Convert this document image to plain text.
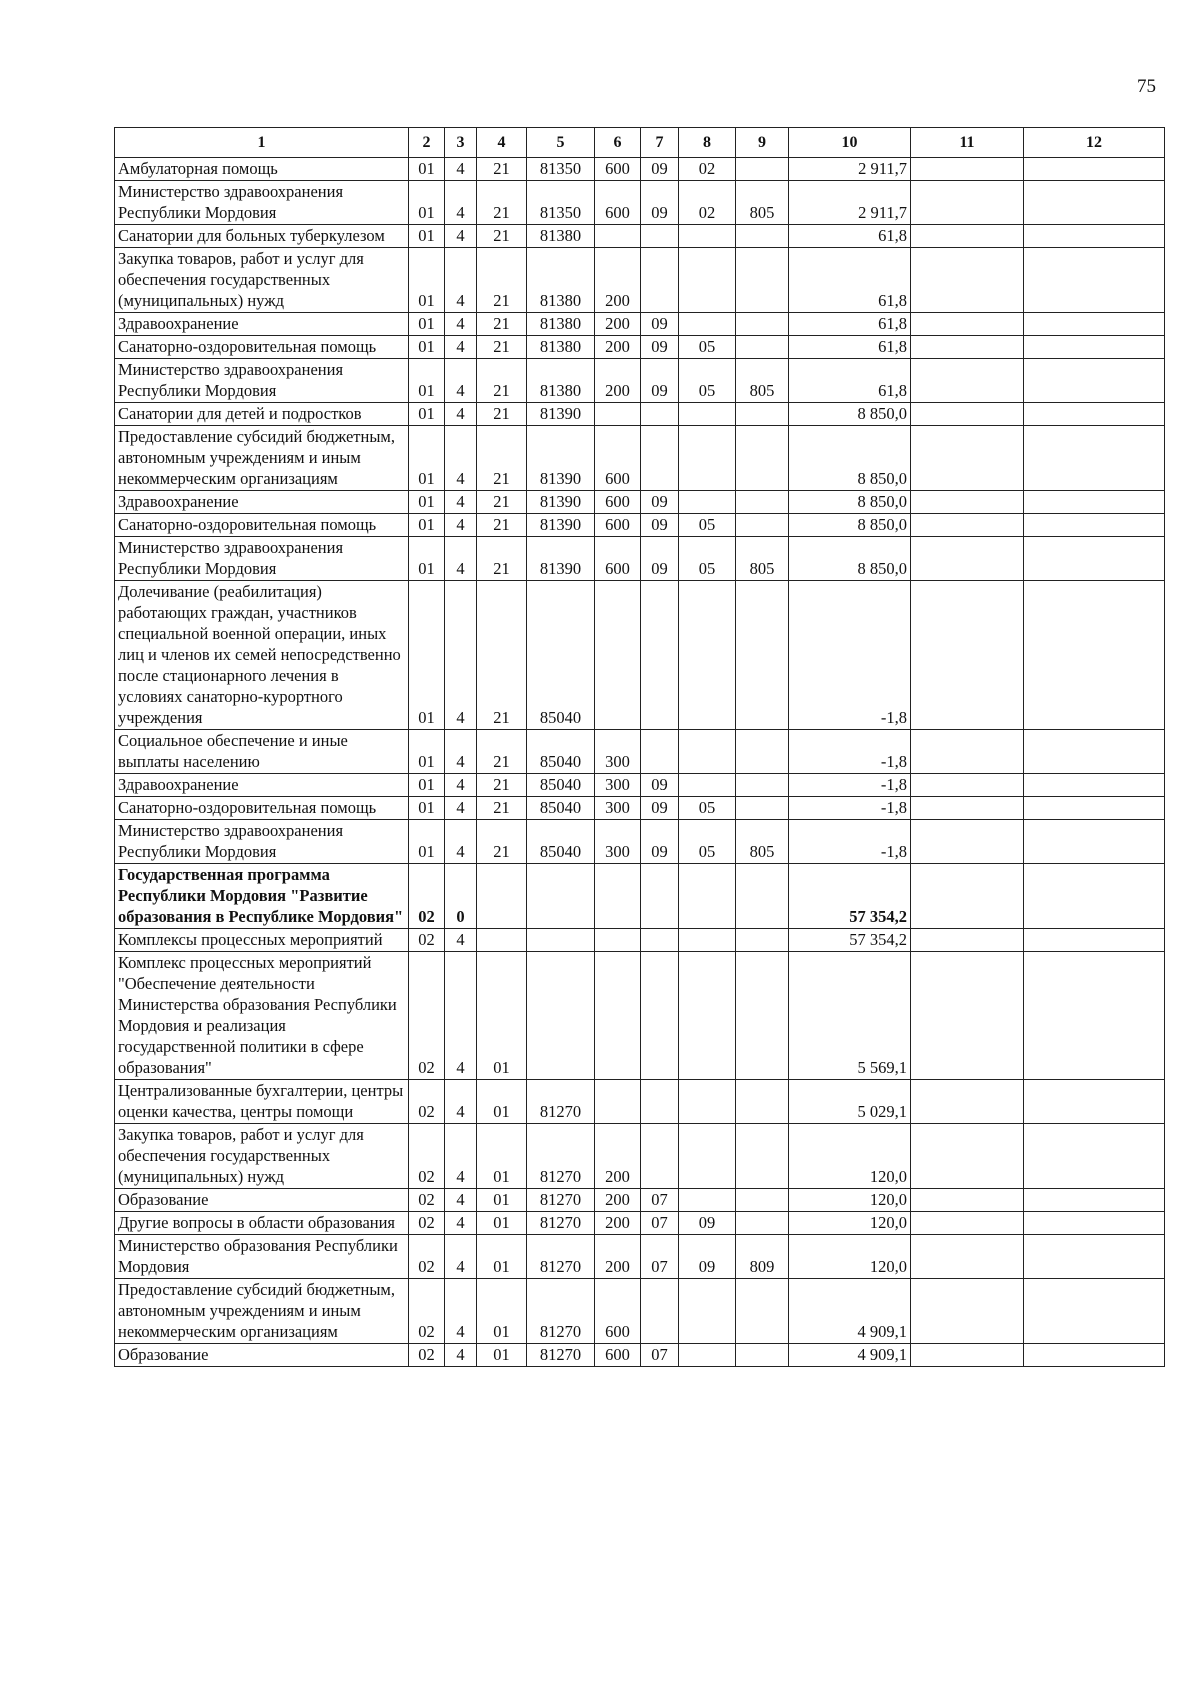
75
1	2	3	4	5	6	7	8	9	10	11	12
Амбулаторная помощь	01	4	21	81350	600	09	02		2 911,7		
Министерство здравоохранения Республики Мордовия	01	4	21	81350	600	09	02	805	2 911,7		
Санатории для больных туберкулезом	01	4	21	81380					61,8		
Закупка товаров, работ и услуг для обеспечения государственных (муниципальных) нужд	01	4	21	81380	200				61,8		
Здравоохранение	01	4	21	81380	200	09			61,8		
Санаторно-оздоровительная помощь	01	4	21	81380	200	09	05		61,8		
Министерство здравоохранения Республики Мордовия	01	4	21	81380	200	09	05	805	61,8		
Санатории для детей и подростков	01	4	21	81390					8 850,0		
Предоставление субсидий бюджетным, автономным учреждениям и иным некоммерческим организациям	01	4	21	81390	600				8 850,0		
Здравоохранение	01	4	21	81390	600	09			8 850,0		
Санаторно-оздоровительная помощь	01	4	21	81390	600	09	05		8 850,0		
Министерство здравоохранения Республики Мордовия	01	4	21	81390	600	09	05	805	8 850,0		
Долечивание (реабилитация) работающих граждан, участников специальной военной операции, иных лиц и членов их семей непосредственно после стационарного лечения в условиях санаторно-курортного учреждения	01	4	21	85040					-1,8		
Социальное обеспечение и иные выплаты населению	01	4	21	85040	300				-1,8		
Здравоохранение	01	4	21	85040	300	09			-1,8		
Санаторно-оздоровительная помощь	01	4	21	85040	300	09	05		-1,8		
Министерство здравоохранения Республики Мордовия	01	4	21	85040	300	09	05	805	-1,8		
Государственная программа Республики Мордовия "Развитие образования в Республике Мордовия"	02	0							57 354,2		
Комплексы процессных мероприятий	02	4							57 354,2		
Комплекс процессных мероприятий "Обеспечение деятельности Министерства образования Республики Мордовия и реализация государственной политики в сфере образования"	02	4	01						5 569,1		
Централизованные бухгалтерии, центры оценки качества, центры помощи	02	4	01	81270					5 029,1		
Закупка товаров, работ и услуг для обеспечения государственных (муниципальных) нужд	02	4	01	81270	200				120,0		
Образование	02	4	01	81270	200	07			120,0		
Другие вопросы в области образования	02	4	01	81270	200	07	09		120,0		
Министерство образования Республики Мордовия	02	4	01	81270	200	07	09	809	120,0		
Предоставление субсидий бюджетным, автономным учреждениям и иным некоммерческим организациям	02	4	01	81270	600				4 909,1		
Образование	02	4	01	81270	600	07			4 909,1		
